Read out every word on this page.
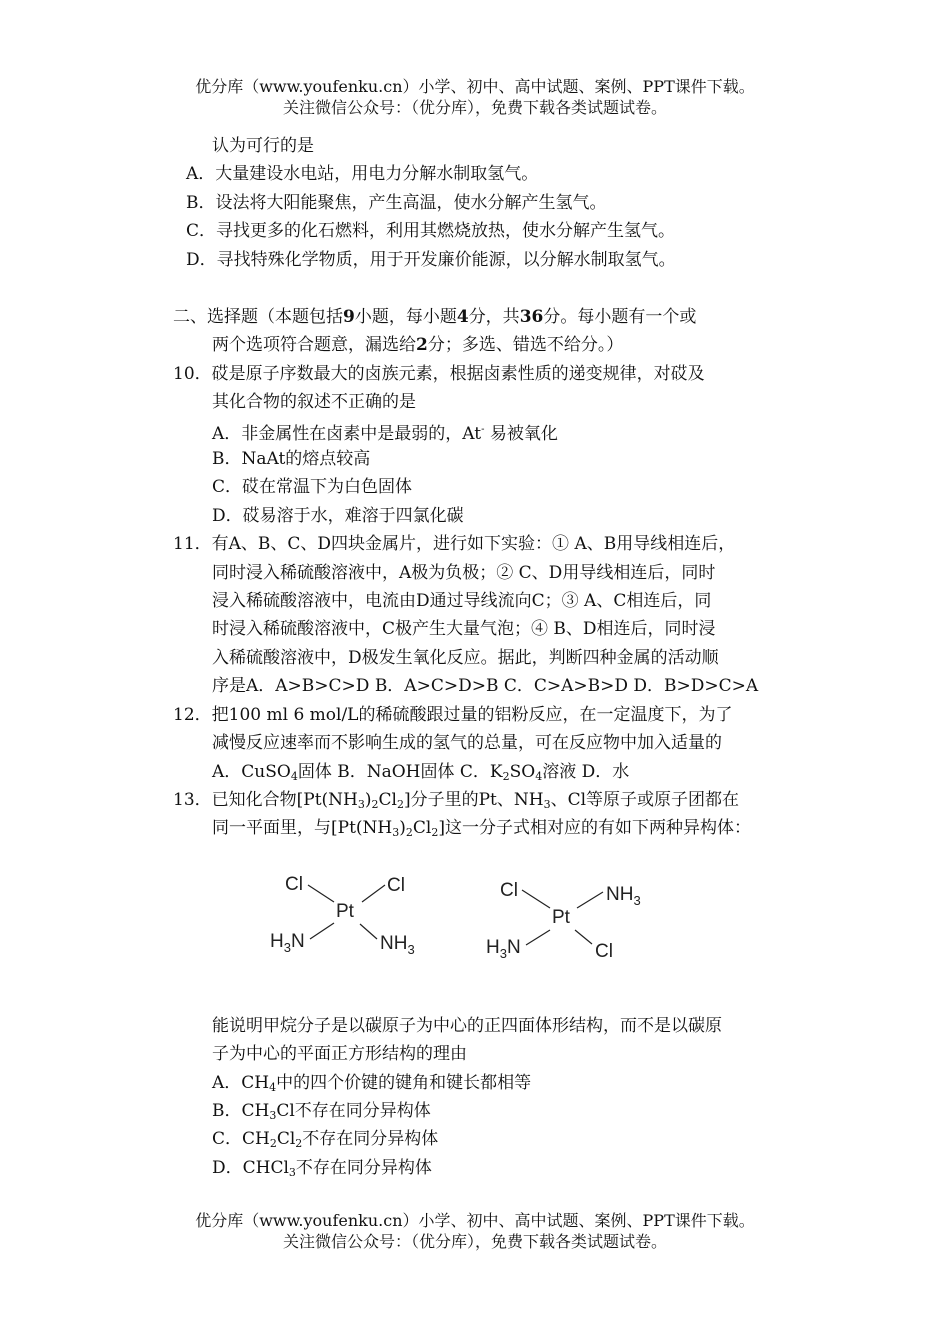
优分库（www.youfenku.cn）小学、初中、高中试题、案例、PPT课件下载。
关注微信公众号：（优分库），免费下载各类试题试卷。
认为可行的是
A．大量建设水电站，用电力分解水制取氢气。
B．设法将大阳能聚焦，产生高温，使水分解产生氢气。
C．寻找更多的化石燃料，利用其燃烧放热，使水分解产生氢气。
D．寻找特殊化学物质，用于开发廉价能源，以分解水制取氢气。
二、选择题（本题包括9小题，每小题4分，共36分。每小题有一个或
两个选项符合题意，漏选给2分；多选、错选不给分。）
10．砹是原子序数最大的卤族元素，根据卤素性质的递变规律，对砹及
其化合物的叙述不正确的是
A．非金属性在卤素中是最弱的，At- 易被氧化
B．NaAt的熔点较高
C．砹在常温下为白色固体
D．砹易溶于水，难溶于四氯化碳
11．有A、B、C、D四块金属片，进行如下实验：① A、B用导线相连后，
同时浸入稀硫酸溶液中，A极为负极；② C、D用导线相连后，同时
浸入稀硫酸溶液中，电流由D通过导线流向C；③ A、C相连后，同
时浸入稀硫酸溶液中，C极产生大量气泡；④ B、D相连后，同时浸
入稀硫酸溶液中，D极发生氧化反应。据此，判断四种金属的活动顺
序是A．A>B>C>D B．A>C>D>B C．C>A>B>D D．B>D>C>A
12．把100 ml 6 mol/L的稀硫酸跟过量的铝粉反应，在一定温度下，为了
减慢反应速率而不影响生成的氢气的总量，可在反应物中加入适量的
A．CuSO$_4$固体 B．NaOH固体 C．$K_2SO_4$溶液 D．水
13．已知化合物$[Pt(NH_3)_2Cl_2]$分子里的Pt、$NH_3$、Cl等原子或原子团都在
同一平面里，与$[Pt(NH_3)_2Cl_2]$这一分子式相对应的有如下两种异构体：
Cl	Cl
Pt
$H_3N$	$NH_3$
Cl	$NH_3$
Pt
$H_3N$	Cl
能说明甲烷分子是以碳原子为中心的正四面体形结构，而不是以碳原
子为中心的平面正方形结构的理由
A．$CH_4$中的四个价键的键角和键长都相等
B．$CH_3Cl$不存在同分异构体
C．$CH_2Cl_2$不存在同分异构体
D．CHCl$_3$不存在同分异构体
优分库（www.youfenku.cn）小学、初中、高中试题、案例、PPT课件下载。
关注微信公众号：（优分库），免费下载各类试题试卷。
